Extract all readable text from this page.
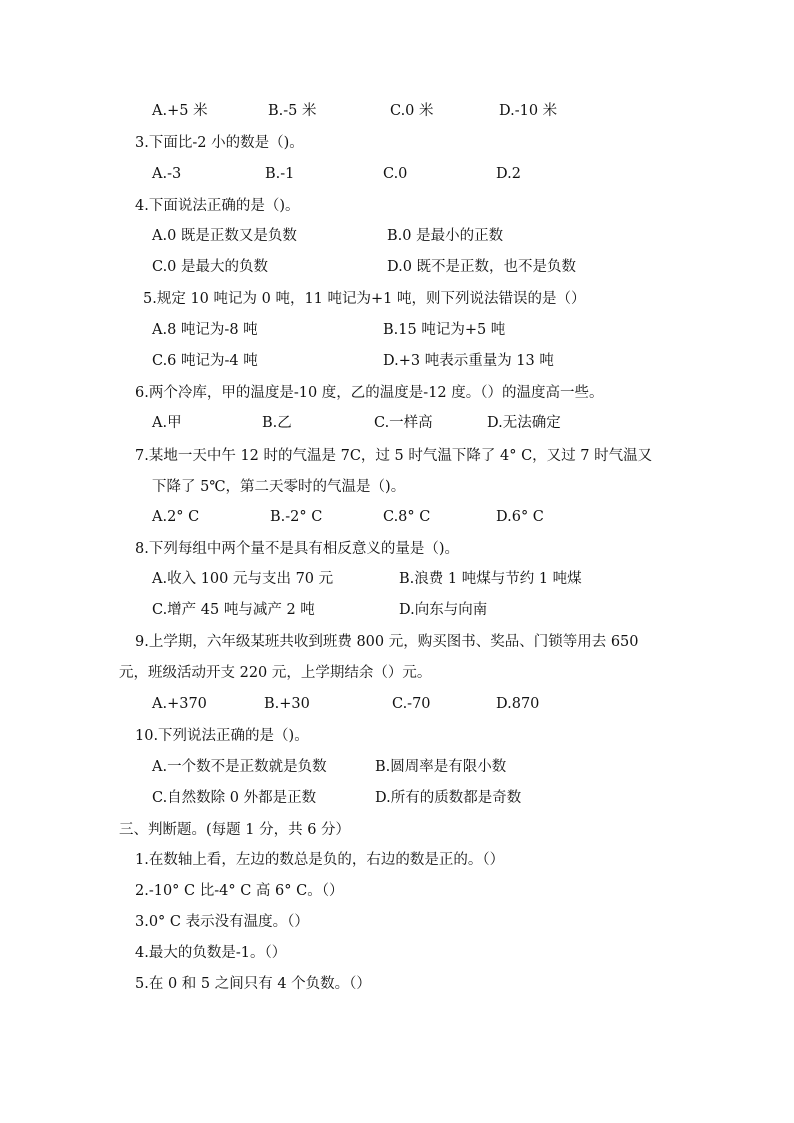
A.+5 米	B.-5 米	C.0 米	D.-10 米
3.下面比-2 小的数是（)。
A.-3	B.-1	C.0	D.2
4.下面说法正确的是（)。
A.0 既是正数又是负数	B.0 是最小的正数
C.0 是最大的负数	D.0 既不是正数，也不是负数
5.规定 10 吨记为 0 吨，11 吨记为+1 吨，则下列说法错误的是（）
A.8 吨记为-8 吨	B.15 吨记为+5 吨
C.6 吨记为-4 吨	D.+3 吨表示重量为 13 吨
6.两个冷库，甲的温度是-10 度，乙的温度是-12 度。（）的温度高一些。
A.甲	B.乙	C.一样高	D.无法确定
7.某地一天中午 12 时的气温是 7C，过 5 时气温下降了 4° C，又过 7 时气温又
下降了 5℃，第二天零时的气温是（)。
A.2° C	B.-2° C	C.8° C	D.6° C
8.下列每组中两个量不是具有相反意义的量是（)。
A.收入 100 元与支出 70 元	B.浪费 1 吨煤与节约 1 吨煤
C.增产 45 吨与减产 2 吨	D.向东与向南
9.上学期，六年级某班共收到班费 800 元，购买图书、奖品、门锁等用去 650
元，班级活动开支 220 元，上学期结余（）元。
A.+370	B.+30	C.-70	D.870
10.下列说法正确的是（)。
A.一个数不是正数就是负数	B.圆周率是有限小数
C.自然数除 0 外都是正数	D.所有的质数都是奇数
三、判断题。(每题 1 分，共 6 分）
1.在数轴上看，左边的数总是负的，右边的数是正的。（）
2.-10° C 比-4° C 高 6° C。（）
3.0° C 表示没有温度。（）
4.最大的负数是-1。（）
5.在 0 和 5 之间只有 4 个负数。（）
